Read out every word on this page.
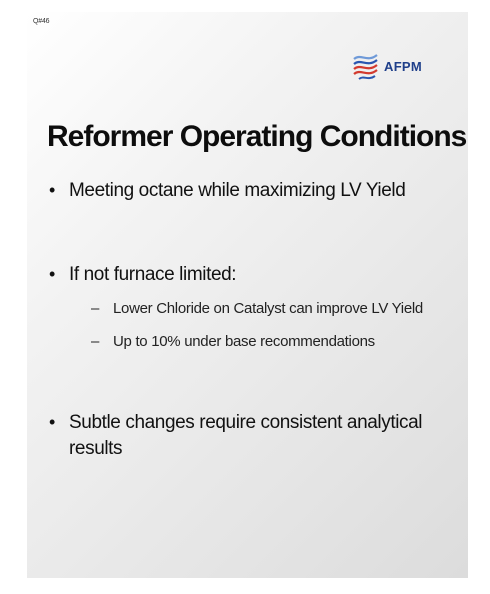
Q#46
AFPM
Reformer Operating Conditions
• Meeting octane while maximizing LV Yield
• If not furnace limited:
– Lower Chloride on Catalyst can improve LV Yield
– Up to 10% under base recommendations
• Subtle changes require consistent analytical results
